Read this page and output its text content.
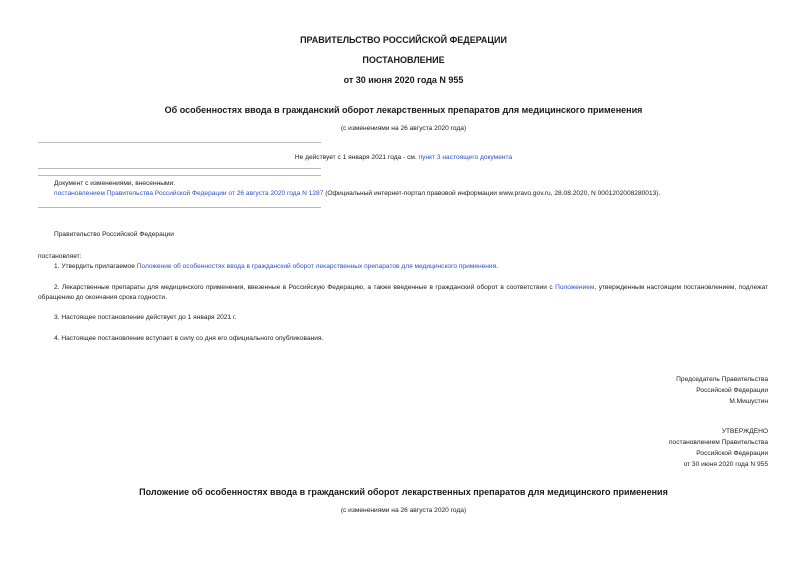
ПРАВИТЕЛЬСТВО РОССИЙСКОЙ ФЕДЕРАЦИИ
ПОСТАНОВЛЕНИЕ
от 30 июня 2020 года N 955
Об особенностях ввода в гражданский оборот лекарственных препаратов для медицинского применения
(с изменениями на 26 августа 2020 года)
Не действует с 1 января 2021 года - см. пункт 3 настоящего документа
Документ с изменениями, внесенными:
постановлением Правительства Российской Федерации от 26 августа 2020 года N 1287 (Официальный интернет-портал правовой информации www.pravo.gov.ru, 28.08.2020, N 0001202008280013).
Правительство Российской Федерации
постановляет:
1. Утвердить прилагаемое Положение об особенностях ввода в гражданский оборот лекарственных препаратов для медицинского применения.
2. Лекарственные препараты для медицинского применения, ввезенные в Российскую Федерацию, а также введенные в гражданский оборот в соответствии с Положением, утвержденным настоящим постановлением, подлежат обращению до окончания срока годности.
3. Настоящее постановление действует до 1 января 2021 г.
4. Настоящее постановление вступает в силу со дня его официального опубликования.
Председатель Правительства
Российской Федерации
М.Мишустин
УТВЕРЖДЕНО
постановлением Правительства
Российской Федерации
от 30 июня 2020 года N 955
Положение об особенностях ввода в гражданский оборот лекарственных препаратов для медицинского применения
(с изменениями на 26 августа 2020 года)
